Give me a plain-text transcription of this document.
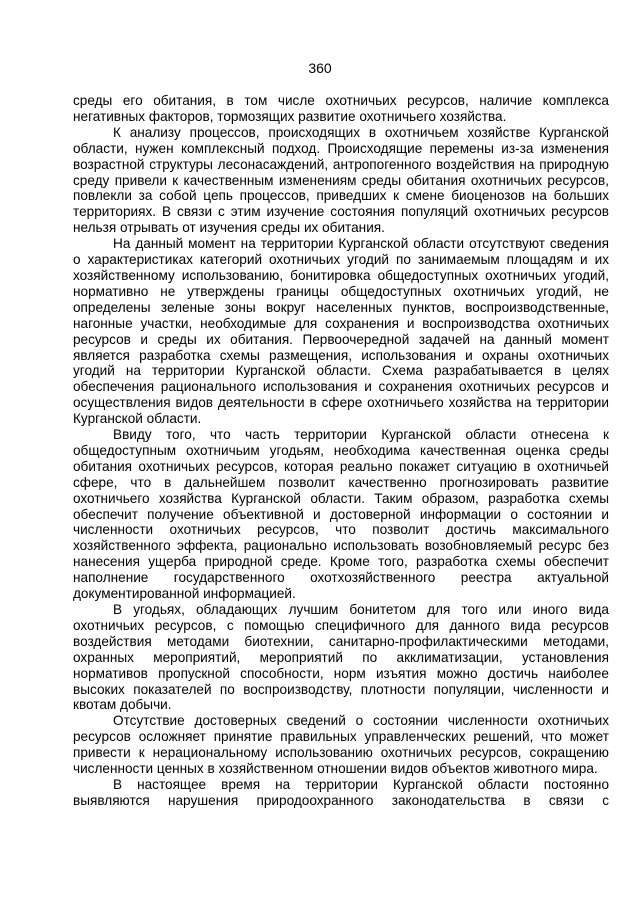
360

среды его обитания, в том числе охотничьих ресурсов, наличие комплекса негативных факторов, тормозящих развитие охотничьего хозяйства.

К анализу процессов, происходящих в охотничьем хозяйстве Курганской области, нужен комплексный подход. Происходящие перемены из-за изменения возрастной структуры лесонасаждений, антропогенного воздействия на природную среду привели к качественным изменениям среды обитания охотничьих ресурсов, повлекли за собой цепь процессов, приведших к смене биоценозов на больших территориях. В связи с этим изучение состояния популяций охотничьих ресурсов нельзя отрывать от изучения среды их обитания.

На данный момент на территории Курганской области отсутствуют сведения о характеристиках категорий охотничьих угодий по занимаемым площадям и их хозяйственному использованию, бонитировка общедоступных охотничьих угодий, нормативно не утверждены границы общедоступных охотничьих угодий, не определены зеленые зоны вокруг населенных пунктов, воспроизводственные, нагонные участки, необходимые для сохранения и воспроизводства охотничьих ресурсов и среды их обитания. Первоочередной задачей на данный момент является разработка схемы размещения, использования и охраны охотничьих угодий на территории Курганской области. Схема разрабатывается в целях обеспечения рационального использования и сохранения охотничьих ресурсов и осуществления видов деятельности в сфере охотничьего хозяйства на территории Курганской области.

Ввиду того, что часть территории Курганской области отнесена к общедоступным охотничьим угодьям, необходима качественная оценка среды обитания охотничьих ресурсов, которая реально покажет ситуацию в охотничьей сфере, что в дальнейшем позволит качественно прогнозировать развитие охотничьего хозяйства Курганской области. Таким образом, разработка схемы обеспечит получение объективной и достоверной информации о состоянии и численности охотничьих ресурсов, что позволит достичь максимального хозяйственного эффекта, рационально использовать возобновляемый ресурс без нанесения ущерба природной среде. Кроме того, разработка схемы обеспечит наполнение государственного охотхозяйственного реестра актуальной документированной информацией.

В угодьях, обладающих лучшим бонитетом для того или иного вида охотничьих ресурсов, с помощью специфичного для данного вида ресурсов воздействия методами биотехнии, санитарно-профилактическими методами, охранных мероприятий, мероприятий по акклиматизации, установления нормативов пропускной способности, норм изъятия можно достичь наиболее высоких показателей по воспроизводству, плотности популяции, численности и квотам добычи.

Отсутствие достоверных сведений о состоянии численности охотничьих ресурсов осложняет принятие правильных управленческих решений, что может привести к нерациональному использованию охотничьих ресурсов, сокращению численности ценных в хозяйственном отношении видов объектов животного мира.

В настоящее время на территории Курганской области постоянно выявляются нарушения природоохранного законодательства в связи с
